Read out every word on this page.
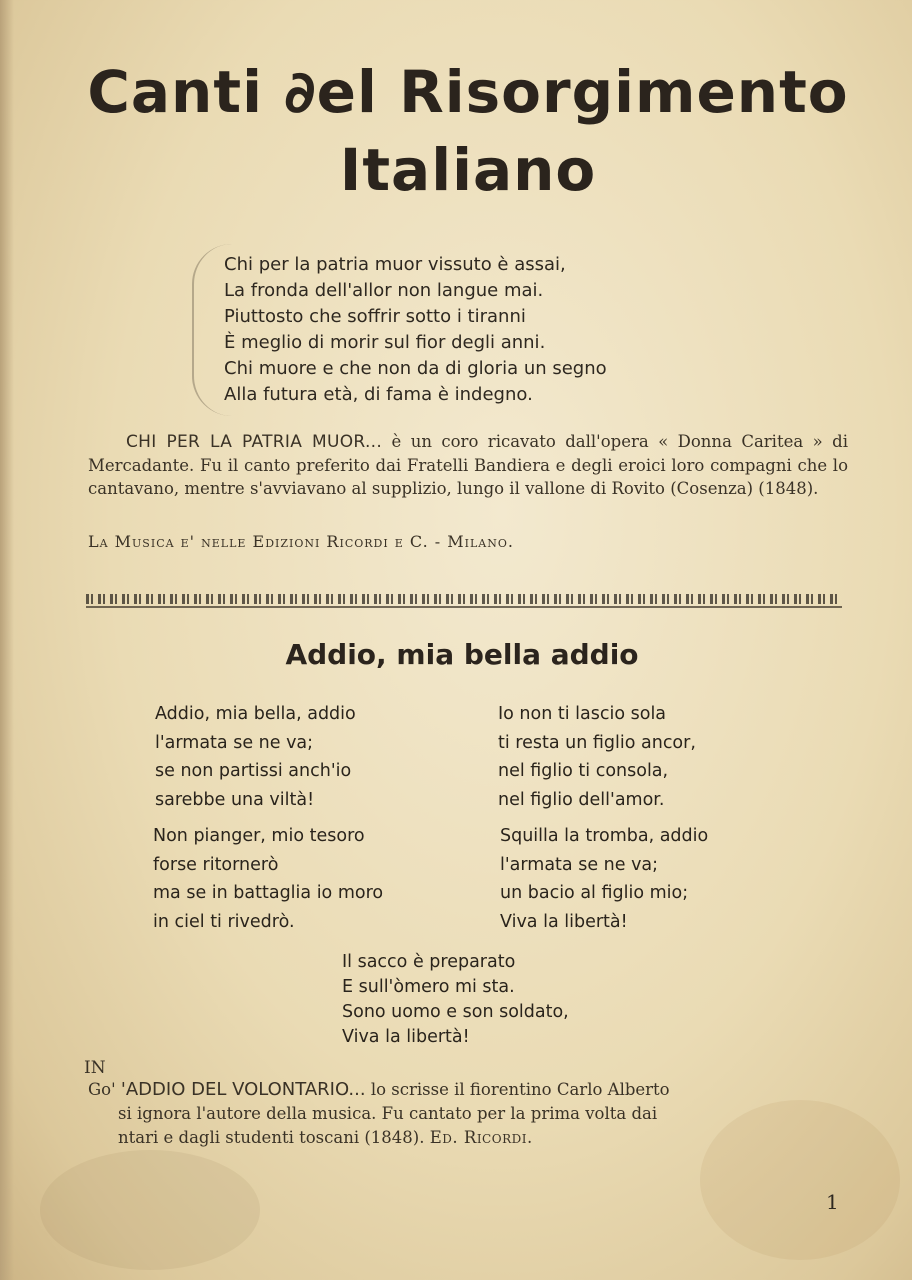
Canti ∂el Risorgimento
Italiano
Chi per la patria muor vissuto è assai,
La fronda dell'allor non langue mai.
Piuttosto che soffrir sotto i tiranni
È meglio di morir sul fior degli anni.
Chi muore e che non da di gloria un segno
Alla futura età, di fama è indegno.

CHI PER LA PATRIA MUOR... è un coro ricavato dall'opera « Donna Caritea » di Mercadante. Fu il canto preferito dai Fratelli Bandiera e degli eroici loro compagni che lo cantavano, mentre s'avviavano al supplizio, lungo il vallone di Rovito (Cosenza) (1848).

La Musica e' nelle Edizioni Ricordi e C. - Milano.
Addio, mia bella addio
Addio, mia bella, addio
l'armata se ne va;
se non partissi anch'io
sarebbe una viltà!
Io non ti lascio sola
ti resta un figlio ancor,
nel figlio ti consola,
nel figlio dell'amor.
Non pianger, mio tesoro
forse ritornerò
ma se in battaglia io moro
in ciel ti rivedrò.
Squilla la tromba, addio
l'armata se ne va;
un bacio al figlio mio;
Viva la libertà!
Il sacco è preparato
E sull'òmero mi sta.
Sono uomo e son soldato,
Viva la libertà!
IN
Go' 'ADDIO DEL VOLONTARIO... lo scrisse il fiorentino Carlo Alberto
si ignora l'autore della musica. Fu cantato per la prima volta dai
ntari e dagli studenti toscani (1848). Ed. Ricordi.
1
